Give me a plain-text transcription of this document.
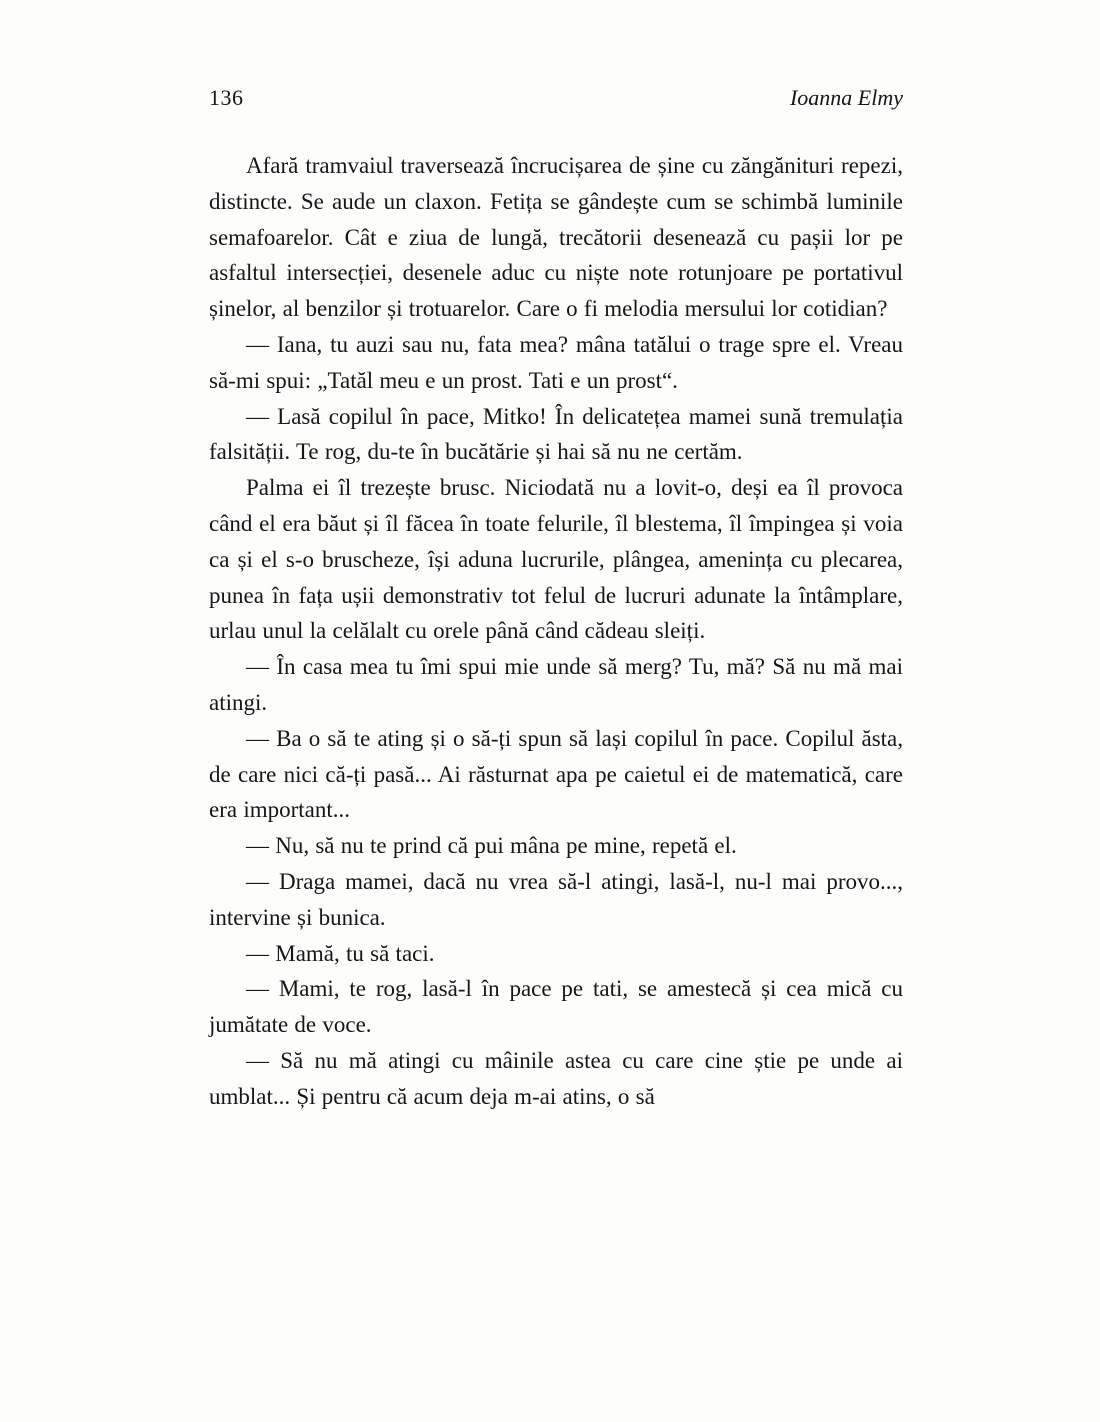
136	Ioanna Elmy

Afară tramvaiul traversează încrucișarea de șine cu zăngănituri repezi, distincte. Se aude un claxon. Fetița se gândește cum se schimbă luminile semafoarelor. Cât e ziua de lungă, trecătorii desenează cu pașii lor pe asfaltul intersecției, desenele aduc cu niște note rotunjoare pe portativul șinelor, al benzilor și trotuarelor. Care o fi melodia mersului lor cotidian?

— Iana, tu auzi sau nu, fata mea? mâna tatălui o trage spre el. Vreau să-mi spui: „Tatăl meu e un prost. Tati e un prost“.

— Lasă copilul în pace, Mitko! În delicatețea mamei sună tremulația falsității. Te rog, du-te în bucătărie și hai să nu ne certăm.

Palma ei îl trezește brusc. Niciodată nu a lovit-o, deși ea îl provoca când el era băut și îl făcea în toate felurile, îl blestema, îl împingea și voia ca și el s-o bruscheze, își aduna lucrurile, plângea, amenința cu plecarea, punea în fața ușii demonstrativ tot felul de lucruri adunate la întâmplare, urlau unul la celălalt cu orele până când cădeau sleiți.

— În casa mea tu îmi spui mie unde să merg? Tu, mă? Să nu mă mai atingi.

— Ba o să te ating și o să-ți spun să lași copilul în pace. Copilul ăsta, de care nici că-ți pasă... Ai răsturnat apa pe caietul ei de matematică, care era important...

— Nu, să nu te prind că pui mâna pe mine, repetă el.

— Draga mamei, dacă nu vrea să-l atingi, lasă-l, nu-l mai provo..., intervine și bunica.

— Mamă, tu să taci.

— Mami, te rog, lasă-l în pace pe tati, se amestecă și cea mică cu jumătate de voce.

— Să nu mă atingi cu mâinile astea cu care cine știe pe unde ai umblat... Și pentru că acum deja m-ai atins, o să
